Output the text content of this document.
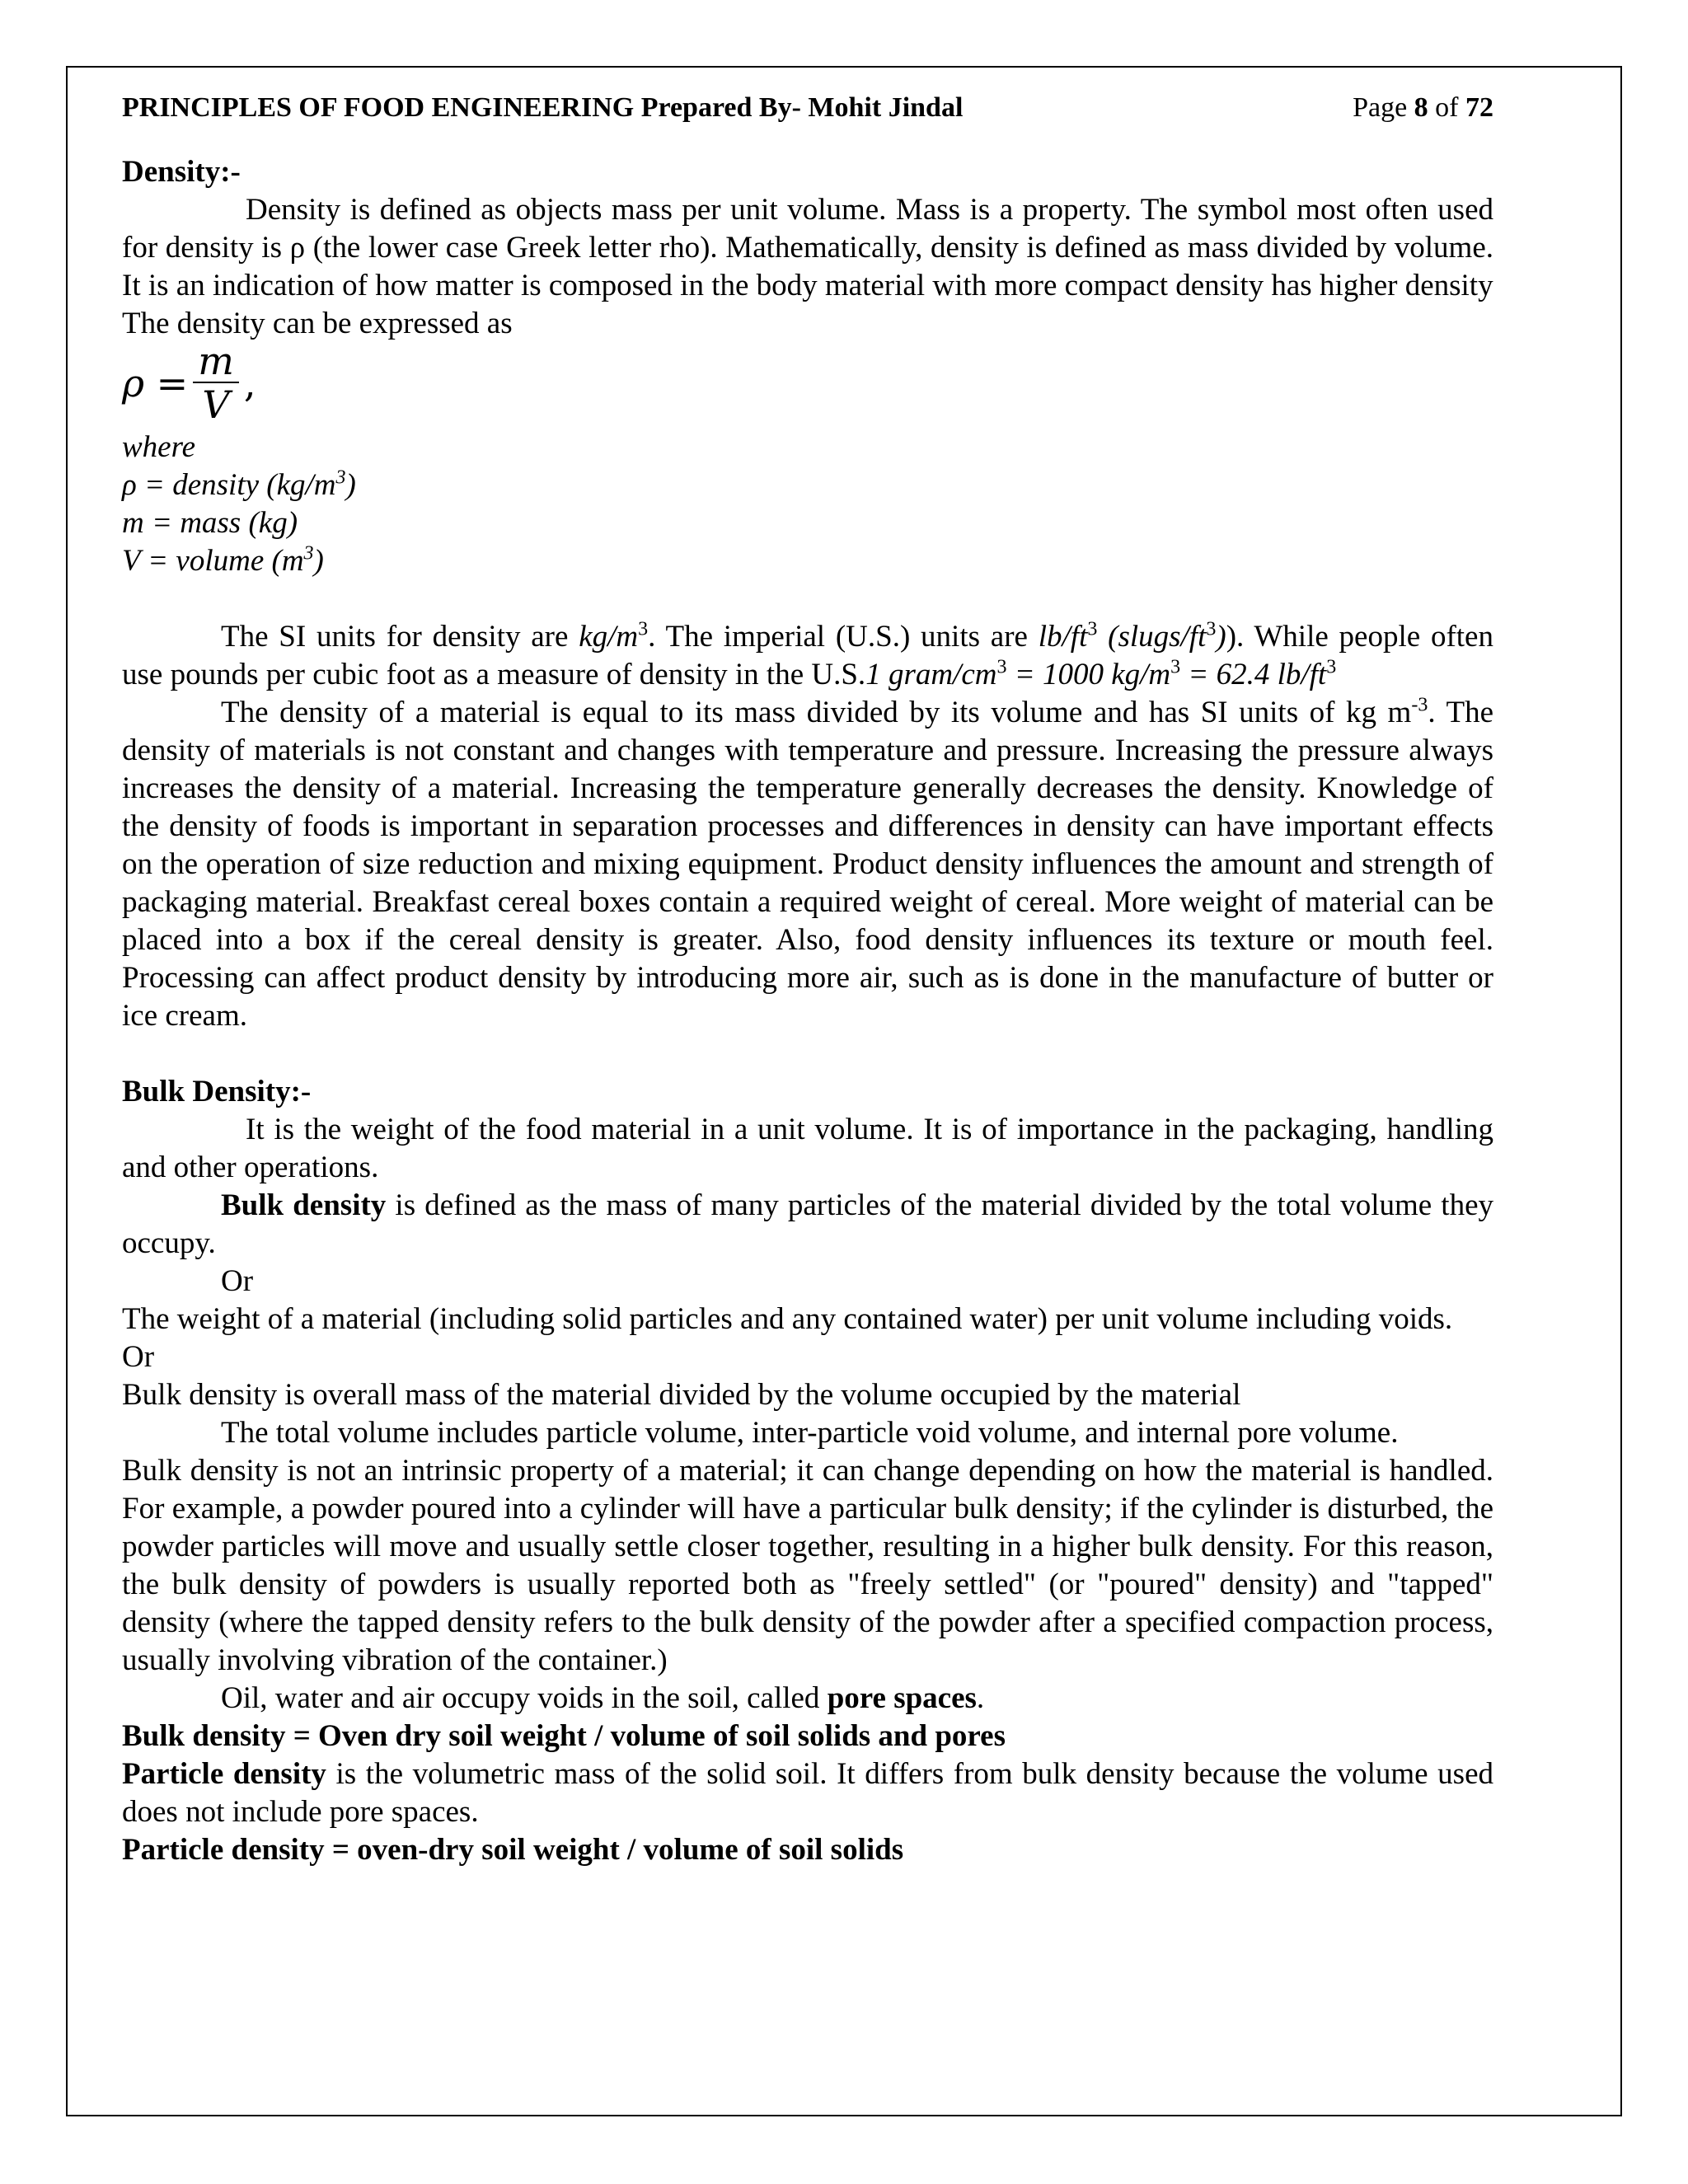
PRINCIPLES OF FOOD ENGINEERING Prepared By- Mohit Jindal	Page 8 of 72
Density:-

Density is defined as objects mass per unit volume. Mass is a property. The symbol most often used for density is ρ (the lower case Greek letter rho). Mathematically, density is defined as mass divided by volume. It is an indication of how matter is composed in the body material with more compact density has higher density

The density can be expressed as

$\rho = \frac{m}{V}$ ,

where

ρ = density $(kg/m^3)$

m = mass (kg)

V = volume $(m^3)$

The SI units for density are $kg/m^3$. The imperial (U.S.) units are $lb/ft^3$ $(slugs/ft^3)$). While people often use pounds per cubic foot as a measure of density in the U.S.1 gram/$cm^3 = 1000$ $kg/m^3 = 62.4$ $lb/ft^3$

The density of a material is equal to its mass divided by its volume and has SI units of kg $m^{-3}$. The density of materials is not constant and changes with temperature and pressure. Increasing the pressure always increases the density of a material. Increasing the temperature generally decreases the density. Knowledge of the density of foods is important in separation processes and differences in density can have important effects on the operation of size reduction and mixing equipment. Product density influences the amount and strength of packaging material. Breakfast cereal boxes contain a required weight of cereal. More weight of material can be placed into a box if the cereal density is greater. Also, food density influences its texture or mouth feel. Processing can affect product density by introducing more air, such as is done in the manufacture of butter or ice cream.

Bulk Density:-

It is the weight of the food material in a unit volume. It is of importance in the packaging, handling and other operations.

Bulk density is defined as the mass of many particles of the material divided by the total volume they occupy.

Or

The weight of a material (including solid particles and any contained water) per unit volume including voids.

Or

Bulk density is overall mass of the material divided by the volume occupied by the material

The total volume includes particle volume, inter-particle void volume, and internal pore volume.

Bulk density is not an intrinsic property of a material; it can change depending on how the material is handled. For example, a powder poured into a cylinder will have a particular bulk density; if the cylinder is disturbed, the powder particles will move and usually settle closer together, resulting in a higher bulk density. For this reason, the bulk density of powders is usually reported both as "freely settled" (or "poured" density) and "tapped" density (where the tapped density refers to the bulk density of the powder after a specified compaction process, usually involving vibration of the container.)

Oil, water and air occupy voids in the soil, called pore spaces.

Bulk density = Oven dry soil weight / volume of soil solids and pores

Particle density is the volumetric mass of the solid soil. It differs from bulk density because the volume used does not include pore spaces.

Particle density = oven-dry soil weight / volume of soil solids
